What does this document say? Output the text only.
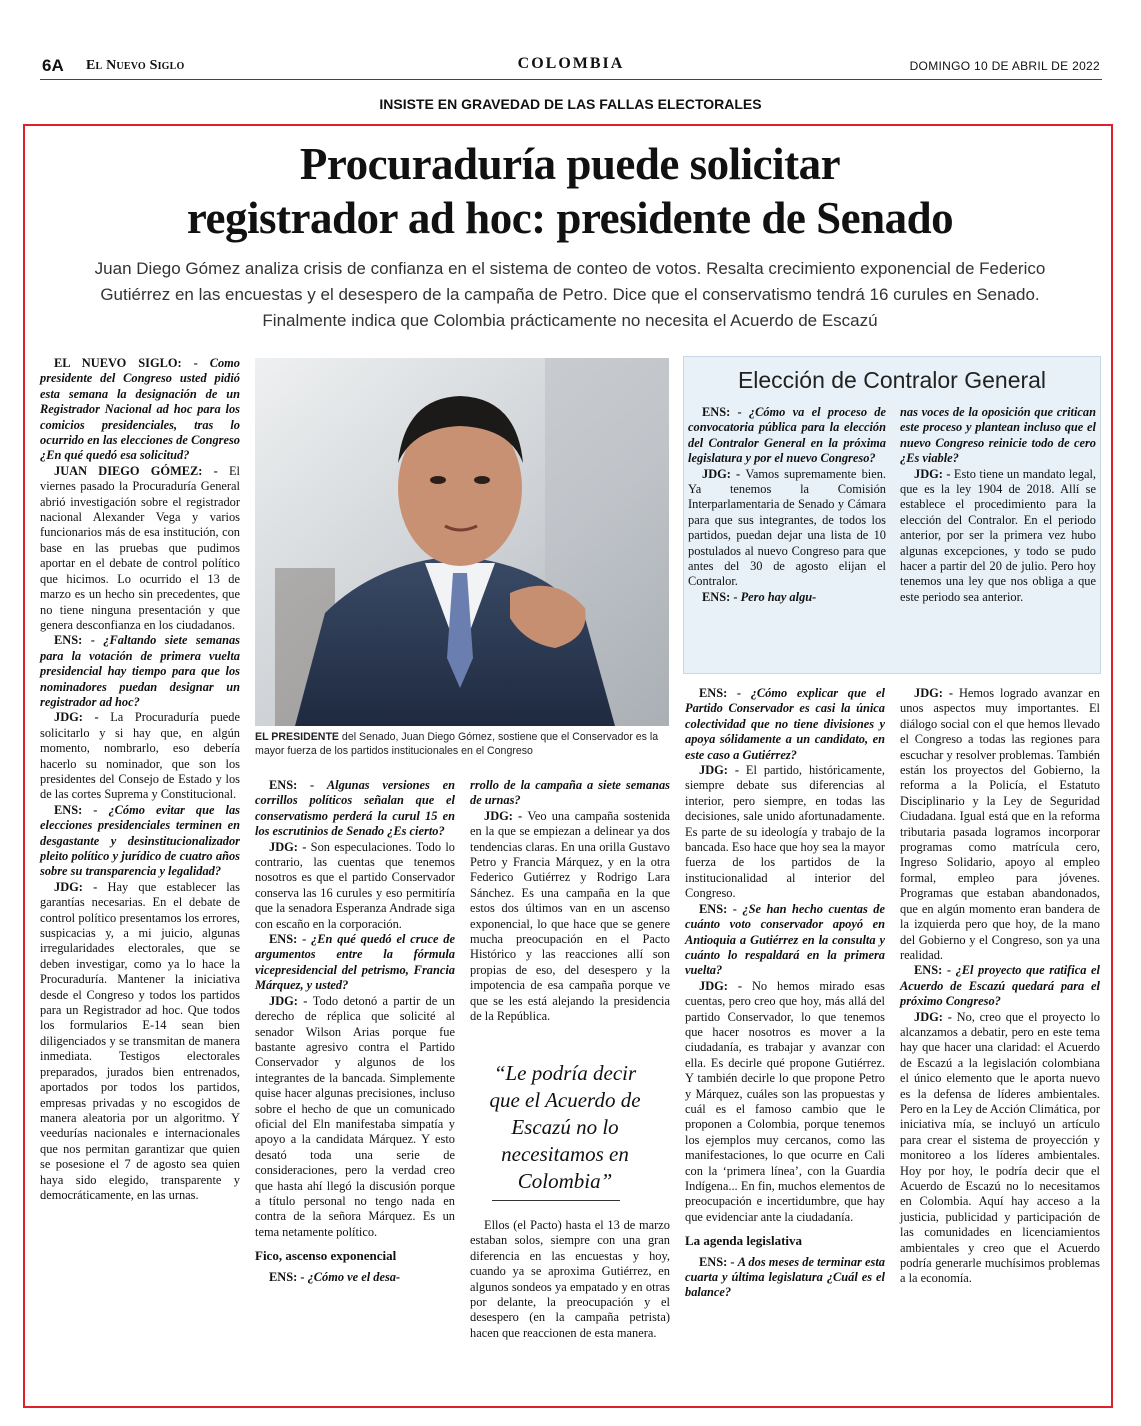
6A El Nuevo Siglo	COLOMBIA	DOMINGO 10 DE ABRIL DE 2022
INSISTE EN GRAVEDAD DE LAS FALLAS ELECTORALES
Procuraduría puede solicitar
registrador ad hoc: presidente de Senado
Juan Diego Gómez analiza crisis de confianza en el sistema de conteo de votos. Resalta crecimiento exponencial de Federico
Gutiérrez en las encuestas y el desespero de la campaña de Petro. Dice que el conservatismo tendrá 16 curules en Senado.
Finalmente indica que Colombia prácticamente no necesita el Acuerdo de Escazú

EL NUEVO SIGLO: - Como presidente del Congreso usted pidió esta semana la designación de un Registrador Nacional ad hoc para los comicios presidenciales, tras lo ocurrido en las elecciones de Congreso ¿En qué quedó esa solicitud?

JUAN DIEGO GÓMEZ: - El viernes pasado la Procuraduría General abrió investigación sobre el registrador nacional Alexander Vega y varios funcionarios más de esa institución, con base en las pruebas que pudimos aportar en el debate de control político que hicimos. Lo ocurrido el 13 de marzo es un hecho sin precedentes, que no tiene ninguna presentación y que genera desconfianza en los ciudadanos.

ENS: - ¿Faltando siete semanas para la votación de primera vuelta presidencial hay tiempo para que los nominadores puedan designar un registrador ad hoc?

JDG: - La Procuraduría puede solicitarlo y si hay que, en algún momento, nombrarlo, eso debería hacerlo su nominador, que son los presidentes del Consejo de Estado y los de las cortes Suprema y Constitucional.

ENS: - ¿Cómo evitar que las elecciones presidenciales terminen en desgastante y desinstitucionalizador pleito político y jurídico de cuatro años sobre su transparencia y legalidad?

JDG: - Hay que establecer las garantías necesarias. En el debate de control político presentamos los errores, suspicacias y, a mi juicio, algunas irregularidades electorales, que se deben investigar, como ya lo hace la Procuraduría. Mantener la iniciativa desde el Congreso y todos los partidos para un Registrador ad hoc. Que todos los formularios E-14 sean bien diligenciados y se transmitan de manera inmediata. Testigos electorales preparados, jurados bien entrenados, aportados por todos los partidos, empresas privadas y no escogidos de manera aleatoria por un algoritmo. Y veedurías nacionales e internacionales que nos permitan garantizar que quien se posesione el 7 de agosto sea quien haya sido elegido, transparente y democráticamente, en las urnas.

EL PRESIDENTE del Senado, Juan Diego Gómez, sostiene que el Conservador es la mayor fuerza de los partidos institucionales en el Congreso

ENS: - Algunas versiones en corrillos políticos señalan que el conservatismo perderá la curul 15 en los escrutinios de Senado ¿Es cierto?

JDG: - Son especulaciones. Todo lo contrario, las cuentas que tenemos nosotros es que el partido Conservador conserva las 16 curules y eso permitiría que la senadora Esperanza Andrade siga con escaño en la corporación.

ENS: - ¿En qué quedó el cruce de argumentos entre la fórmula vicepresidencial del petrismo, Francia Márquez, y usted?

JDG: - Todo detonó a partir de un derecho de réplica que solicité al senador Wilson Arias porque fue bastante agresivo contra el Partido Conservador y algunos de los integrantes de la bancada. Simplemente quise hacer algunas precisiones, incluso sobre el hecho de que un comunicado oficial del Eln manifestaba simpatía y apoyo a la candidata Márquez. Y esto desató toda una serie de consideraciones, pero la verdad creo que hasta ahí llegó la discusión porque a título personal no tengo nada en contra de la señora Márquez. Es un tema netamente político.

Fico, ascenso exponencial

ENS: - ¿Cómo ve el desa-

rrollo de la campaña a siete semanas de urnas?

JDG: - Veo una campaña sostenida en la que se empiezan a delinear ya dos tendencias claras. En una orilla Gustavo Petro y Francia Márquez, y en la otra Federico Gutiérrez y Rodrigo Lara Sánchez. Es una campaña en la que estos dos últimos van en un ascenso exponencial, lo que hace que se genere mucha preocupación en el Pacto Histórico y las reacciones allí son propias de eso, del desespero y la impotencia de esa campaña porque ve que se les está alejando la presidencia de la República.

“Le podría decir que el Acuerdo de Escazú no lo necesitamos en Colombia”

Ellos (el Pacto) hasta el 13 de marzo estaban solos, siempre con una gran diferencia en las encuestas y hoy, cuando ya se aproxima Gutiérrez, en algunos sondeos ya empatado y en otras por delante, la preocupación y el desespero (en la campaña petrista) hacen que reaccionen de esta manera.

Elección de Contralor General

ENS: - ¿Cómo va el proceso de convocatoria pública para la elección del Contralor General en la próxima legislatura y por el nuevo Congreso?

JDG: - Vamos supremamente bien. Ya tenemos la Comisión Interparlamentaria de Senado y Cámara para que sus integrantes, de todos los partidos, puedan dejar una lista de 10 postulados al nuevo Congreso para que antes del 30 de agosto elijan el Contralor.

ENS: - Pero hay algu-

nas voces de la oposición que critican este proceso y plantean incluso que el nuevo Congreso reinicie todo de cero ¿Es viable?

JDG: - Esto tiene un mandato legal, que es la ley 1904 de 2018. Allí se establece el procedimiento para la elección del Contralor. En el periodo anterior, por ser la primera vez hubo algunas excepciones, y todo se pudo hacer a partir del 20 de julio. Pero hoy tenemos una ley que nos obliga a que este periodo sea anterior.

ENS: - ¿Cómo explicar que el Partido Conservador es casi la única colectividad que no tiene divisiones y apoya sólidamente a un candidato, en este caso a Gutiérrez?

JDG: - El partido, históricamente, siempre debate sus diferencias al interior, pero siempre, en todas las decisiones, sale unido afortunadamente. Es parte de su ideología y trabajo de la bancada. Eso hace que hoy sea la mayor fuerza de los partidos de la institucionalidad al interior del Congreso.

ENS: - ¿Se han hecho cuentas de cuánto voto conservador apoyó en Antioquia a Gutiérrez en la consulta y cuánto lo respaldará en la primera vuelta?

JDG: - No hemos mirado esas cuentas, pero creo que hoy, más allá del partido Conservador, lo que tenemos que hacer nosotros es mover a la ciudadanía, es trabajar y avanzar con ella. Es decirle qué propone Gutiérrez. Y también decirle lo que propone Petro y Márquez, cuáles son las propuestas y cuál es el famoso cambio que le proponen a Colombia, porque tenemos los ejemplos muy cercanos, como las manifestaciones, lo que ocurre en Cali con la ‘primera línea’, con la Guardia Indígena... En fin, muchos elementos de preocupación e incertidumbre, que hay que evidenciar ante la ciudadanía.

La agenda legislativa

ENS: - A dos meses de terminar esta cuarta y última legislatura ¿Cuál es el balance?

JDG: - Hemos logrado avanzar en unos aspectos muy importantes. El diálogo social con el que hemos llevado el Congreso a todas las regiones para escuchar y resolver problemas. También están los proyectos del Gobierno, la reforma a la Policía, el Estatuto Disciplinario y la Ley de Seguridad Ciudadana. Igual está que en la reforma tributaria pasada logramos incorporar programas como matrícula cero, Ingreso Solidario, apoyo al empleo formal, empleo para jóvenes. Programas que estaban abandonados, que en algún momento eran bandera de la izquierda pero que hoy, de la mano del Gobierno y el Congreso, son ya una realidad.

ENS: - ¿El proyecto que ratifica el Acuerdo de Escazú quedará para el próximo Congreso?

JDG: - No, creo que el proyecto lo alcanzamos a debatir, pero en este tema hay que hacer una claridad: el Acuerdo de Escazú a la legislación colombiana el único elemento que le aporta nuevo es la defensa de líderes ambientales. Pero en la Ley de Acción Climática, por iniciativa mía, se incluyó un artículo para crear el sistema de proyección y monitoreo a los líderes ambientales. Hoy por hoy, le podría decir que el Acuerdo de Escazú no lo necesitamos en Colombia. Aquí hay acceso a la justicia, publicidad y participación de las comunidades en licenciamientos ambientales y creo que el Acuerdo podría generarle muchísimos problemas a la economía.
